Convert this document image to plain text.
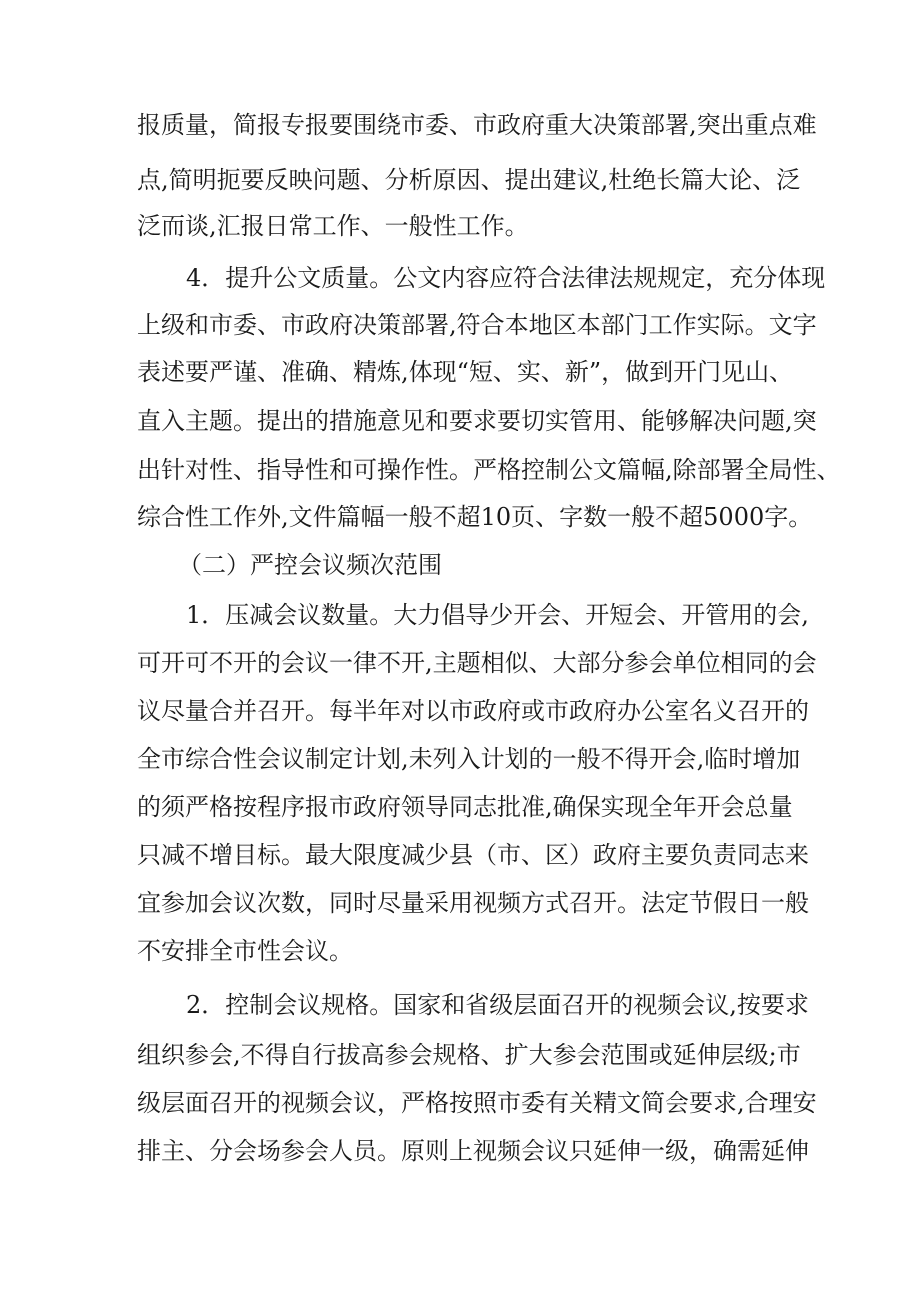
报质量，简报专报要围绕市委、市政府重大决策部署,突出重点难
点,简明扼要反映问题、分析原因、提出建议,杜绝长篇大论、泛
泛而谈,汇报日常工作、一般性工作。
4．提升公文质量。公文内容应符合法律法规规定，充分体现
上级和市委、市政府决策部署,符合本地区本部门工作实际。文字
表述要严谨、准确、精炼,体现“短、实、新”，做到开门见山、
直入主题。提出的措施意见和要求要切实管用、能够解决问题,突
出针对性、指导性和可操作性。严格控制公文篇幅,除部署全局性、
综合性工作外,文件篇幅一般不超10页、字数一般不超5000字。
（二）严控会议频次范围
1．压减会议数量。大力倡导少开会、开短会、开管用的会,
可开可不开的会议一律不开,主题相似、大部分参会单位相同的会
议尽量合并召开。每半年对以市政府或市政府办公室名义召开的
全市综合性会议制定计划,未列入计划的一般不得开会,临时增加
的须严格按程序报市政府领导同志批准,确保实现全年开会总量
只减不增目标。最大限度减少县（市、区）政府主要负责同志来
宜参加会议次数，同时尽量采用视频方式召开。法定节假日一般
不安排全市性会议。
2．控制会议规格。国家和省级层面召开的视频会议,按要求
组织参会,不得自行拔高参会规格、扩大参会范围或延伸层级;市
级层面召开的视频会议，严格按照市委有关精文简会要求,合理安
排主、分会场参会人员。原则上视频会议只延伸一级，确需延伸
